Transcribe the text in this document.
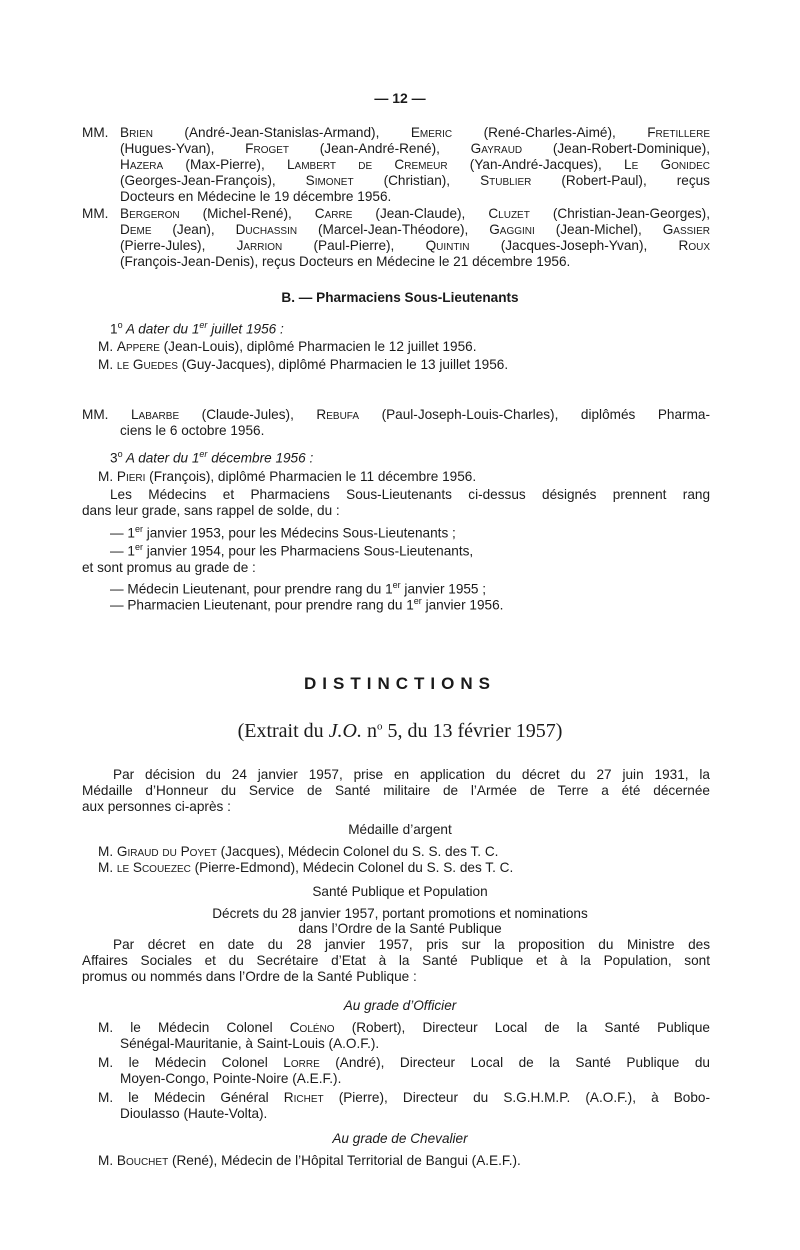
— 12 —
MM. Brien (André-Jean-Stanislas-Armand), Emeric (René-Charles-Aimé), Fretillere
(Hugues-Yvan), Froget (Jean-André-René), Gayraud (Jean-Robert-Dominique),
Hazera (Max-Pierre), Lambert de Cremeur (Yan-André-Jacques), Le Gonidec
(Georges-Jean-François), Simonet (Christian), Stublier (Robert-Paul), reçus
Docteurs en Médecine le 19 décembre 1956.
MM. Bergeron (Michel-René), Carre (Jean-Claude), Cluzet (Christian-Jean-Georges),
Deme (Jean), Duchassin (Marcel-Jean-Théodore), Gaggini (Jean-Michel), Gassier
(Pierre-Jules), Jarrion (Paul-Pierre), Quintin (Jacques-Joseph-Yvan), Roux
(François-Jean-Denis), reçus Docteurs en Médecine le 21 décembre 1956.
B. — Pharmaciens Sous-Lieutenants
1$^o$ A dater du 1er juillet 1956 :
M. Appere (Jean-Louis), diplômé Pharmacien le 12 juillet 1956.
M. le Guedes (Guy-Jacques), diplômé Pharmacien le 13 juillet 1956.
MM. Labarbe (Claude-Jules), Rebufa (Paul-Joseph-Louis-Charles), diplômés Pharma-
ciens le 6 octobre 1956.
3$^o$ A dater du 1er décembre 1956 :
M. Pieri (François), diplômé Pharmacien le 11 décembre 1956.
Les Médecins et Pharmaciens Sous-Lieutenants ci-dessus désignés prennent rang
dans leur grade, sans rappel de solde, du :
— 1er janvier 1953, pour les Médecins Sous-Lieutenants ;
— 1er janvier 1954, pour les Pharmaciens Sous-Lieutenants,
et sont promus au grade de :
— Médecin Lieutenant, pour prendre rang du 1er janvier 1955 ;
— Pharmacien Lieutenant, pour prendre rang du 1er janvier 1956.
DISTINCTIONS
(Extrait du J.O. $n^o$ 5, du 13 février 1957)
Par décision du 24 janvier 1957, prise en application du décret du 27 juin 1931, la
Médaille d’Honneur du Service de Santé militaire de l’Armée de Terre a été décernée
aux personnes ci-après :
Médaille d’argent
M. Giraud du Poyet (Jacques), Médecin Colonel du S. S. des T. C.
M. le Scouezec (Pierre-Edmond), Médecin Colonel du S. S. des T. C.
Santé Publique et Population
Décrets du 28 janvier 1957, portant promotions et nominations
dans l’Ordre de la Santé Publique
Par décret en date du 28 janvier 1957, pris sur la proposition du Ministre des
Affaires Sociales et du Secrétaire d’Etat à la Santé Publique et à la Population, sont
promus ou nommés dans l’Ordre de la Santé Publique :
Au grade d’Officier
M. le Médecin Colonel Coléno (Robert), Directeur Local de la Santé Publique
Sénégal-Mauritanie, à Saint-Louis (A.O.F.).
M. le Médecin Colonel Lorre (André), Directeur Local de la Santé Publique du
Moyen-Congo, Pointe-Noire (A.E.F.).
M. le Médecin Général Richet (Pierre), Directeur du S.G.H.M.P. (A.O.F.), à Bobo-
Dioulasso (Haute-Volta).
Au grade de Chevalier
M. Bouchet (René), Médecin de l’Hôpital Territorial de Bangui (A.E.F.).
